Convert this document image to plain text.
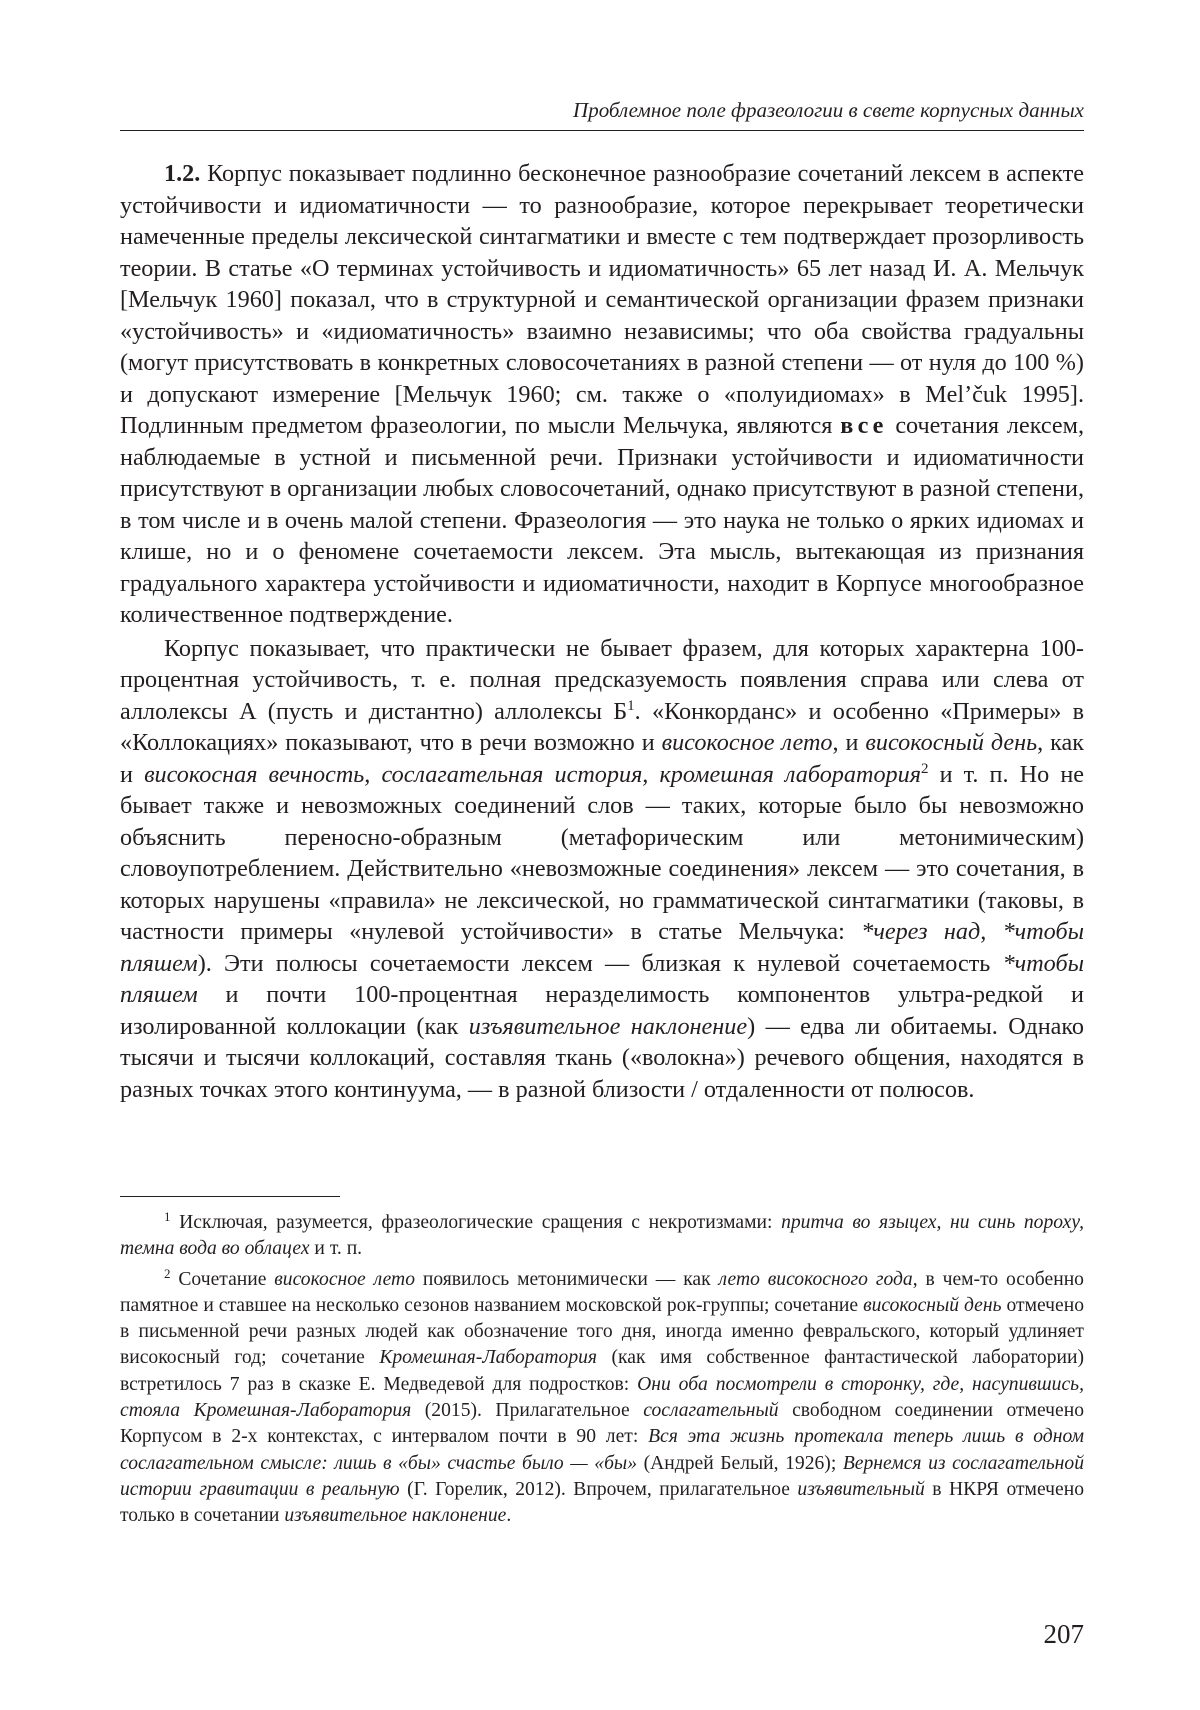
Проблемное поле фразеологии в свете корпусных данных

1.2. Корпус показывает подлинно бесконечное разнообразие сочетаний лексем в аспекте устойчивости и идиоматичности — то разнообразие, которое перекрывает теоретически намеченные пределы лексической синтагматики и вместе с тем подтверждает прозорливость теории. В статье «О терминах устойчивость и идиоматичность» 65 лет назад И. А. Мельчук [Мельчук 1960] показал, что в структурной и семантической организации фразем признаки «устойчивость» и «идиоматичность» взаимно независимы; что оба свойства градуальны (могут присутствовать в конкретных словосочетаниях в разной степени — от нуля до 100 %) и допускают измерение [Мельчук 1960; см. также о «полуидиомах» в Mel’čuk 1995]. Подлинным предметом фразеологии, по мысли Мельчука, являются все сочетания лексем, наблюдаемые в устной и письменной речи. Признаки устойчивости и идиоматичности присутствуют в организации любых словосочетаний, однако присутствуют в разной степени, в том числе и в очень малой степени. Фразеология — это наука не только о ярких идиомах и клише, но и о феномене сочетаемости лексем. Эта мысль, вытекающая из признания градуального характера устойчивости и идиоматичности, находит в Корпусе многообразное количественное подтверждение.

Корпус показывает, что практически не бывает фразем, для которых характерна 100-процентная устойчивость, т. е. полная предсказуемость появления справа или слева от аллолексы А (пусть и дистантно) аллолексы $Б^1$. «Конкорданс» и особенно «Примеры» в «Коллокациях» показывают, что в речи возможно и високосное лето, и високосный день, как и високосная вечность, сослагательная история, кромешная лаборатория$^2$ и т. п. Но не бывает также и невозможных соединений слов — таких, которые было бы невозможно объяснить переносно-образным (метафорическим или метонимическим) словоупотреблением. Действительно «невозможные соединения» лексем — это сочетания, в которых нарушены «правила» не лексической, но грамматической синтагматики (таковы, в частности примеры «нулевой устойчивости» в статье Мельчука: *через над, *чтобы пляшем). Эти полюсы сочетаемости лексем — близкая к нулевой сочетаемость *чтобы пляшем и почти 100-процентная неразделимость компонентов ультра-редкой и изолированной коллокации (как изъявительное наклонение) — едва ли обитаемы. Однако тысячи и тысячи коллокаций, составляя ткань («волокна») речевого общения, находятся в разных точках этого континуума, — в разной близости / отдаленности от полюсов.

$^1$ Исключая, разумеется, фразеологические сращения с некротизмами: притча во языцех, ни синь пороху, темна вода во облацех и т. п.

$^2$ Сочетание високосное лето появилось метонимически — как лето високосного года, в чем-то особенно памятное и ставшее на несколько сезонов названием московской рок-группы; сочетание високосный день отмечено в письменной речи разных людей как обозначение того дня, иногда именно февральского, который удлиняет високосный год; сочетание Кромешная-Лаборатория (как имя собственное фантастической лаборатории) встретилось 7 раз в сказке Е. Медведевой для подростков: Они оба посмотрели в сторонку, где, насупившись, стояла Кромешная-Лаборатория (2015). Прилагательное сослагательный свободном соединении отмечено Корпусом в 2-х контекстах, с интервалом почти в 90 лет: Вся эта жизнь протекала теперь лишь в одном сослагательном смысле: лишь в «бы» счастье было — «бы» (Андрей Белый, 1926); Вернемся из сослагательной истории гравитации в реальную (Г. Горелик, 2012). Впрочем, прилагательное изъявительный в НКРЯ отмечено только в сочетании изъявительное наклонение.

207
